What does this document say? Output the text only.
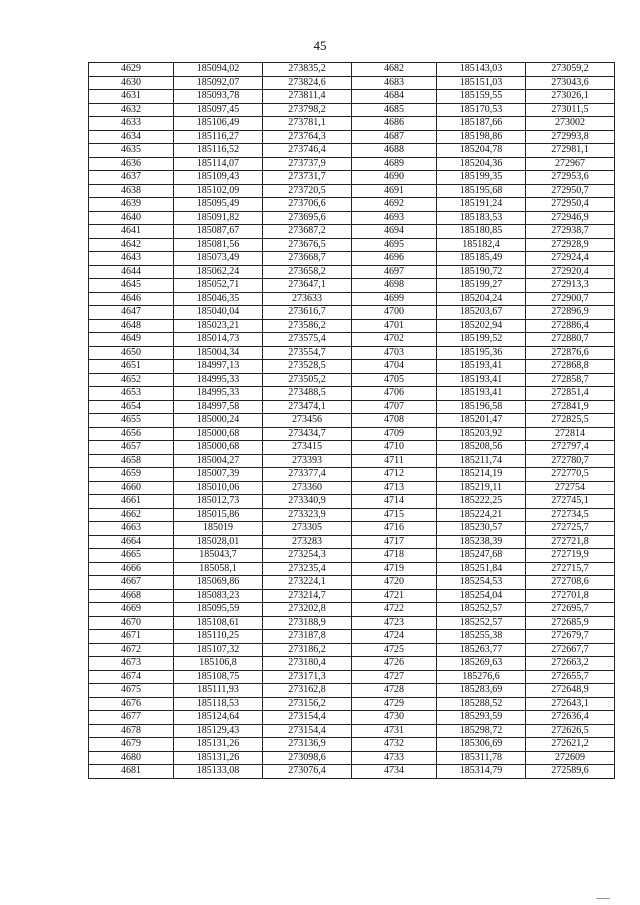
45
4629	185094,02	273835,2	4682	185143,03	273059,2
4630	185092,07	273824,6	4683	185151,03	273043,6
4631	185093,78	273811,4	4684	185159,55	273026,1
4632	185097,45	273798,2	4685	185170,53	273011,5
4633	185106,49	273781,1	4686	185187,66	273002
4634	185116,27	273764,3	4687	185198,86	272993,8
4635	185116,52	273746,4	4688	185204,78	272981,1
4636	185114,07	273737,9	4689	185204,36	272967
4637	185109,43	273731,7	4690	185199,35	272953,6
4638	185102,09	273720,5	4691	185195,68	272950,7
4639	185095,49	273706,6	4692	185191,24	272950,4
4640	185091,82	273695,6	4693	185183,53	272946,9
4641	185087,67	273687,2	4694	185180,85	272938,7
4642	185081,56	273676,5	4695	185182,4	272928,9
4643	185073,49	273668,7	4696	185185,49	272924,4
4644	185062,24	273658,2	4697	185190,72	272920,4
4645	185052,71	273647,1	4698	185199,27	272913,3
4646	185046,35	273633	4699	185204,24	272900,7
4647	185040,04	273616,7	4700	185203,67	272896,9
4648	185023,21	273586,2	4701	185202,94	272886,4
4649	185014,73	273575,4	4702	185199,52	272880,7
4650	185004,34	273554,7	4703	185195,36	272876,6
4651	184997,13	273528,5	4704	185193,41	272868,8
4652	184995,33	273505,2	4705	185193,41	272858,7
4653	184995,33	273488,5	4706	185193,41	272851,4
4654	184997,58	273474,1	4707	185196,58	272841,9
4655	185000,24	273456	4708	185201,47	272825,5
4656	185000,68	273434,7	4709	185203,92	272814
4657	185000,68	273415	4710	185208,56	272797,4
4658	185004,27	273393	4711	185211,74	272780,7
4659	185007,39	273377,4	4712	185214,19	272770,5
4660	185010,06	273360	4713	185219,11	272754
4661	185012,73	273340,9	4714	185222,25	272745,1
4662	185015,86	273323,9	4715	185224,21	272734,5
4663	185019	273305	4716	185230,57	272725,7
4664	185028,01	273283	4717	185238,39	272721,8
4665	185043,7	273254,3	4718	185247,68	272719,9
4666	185058,1	273235,4	4719	185251,84	272715,7
4667	185069,86	273224,1	4720	185254,53	272708,6
4668	185083,23	273214,7	4721	185254,04	272701,8
4669	185095,59	273202,8	4722	185252,57	272695,7
4670	185108,61	273188,9	4723	185252,57	272685,9
4671	185110,25	273187,8	4724	185255,38	272679,7
4672	185107,32	273186,2	4725	185263,77	272667,7
4673	185106,8	273180,4	4726	185269,63	272663,2
4674	185108,75	273171,3	4727	185276,6	272655,7
4675	185111,93	273162,8	4728	185283,69	272648,9
4676	185118,53	273156,2	4729	185288,52	272643,1
4677	185124,64	273154,4	4730	185293,59	272636,4
4678	185129,43	273154,4	4731	185298,72	272626,5
4679	185131,26	273136,9	4732	185306,69	272621,2
4680	185131,26	273098,6	4733	185311,78	272609
4681	185133,08	273076,4	4734	185314,79	272589,6
